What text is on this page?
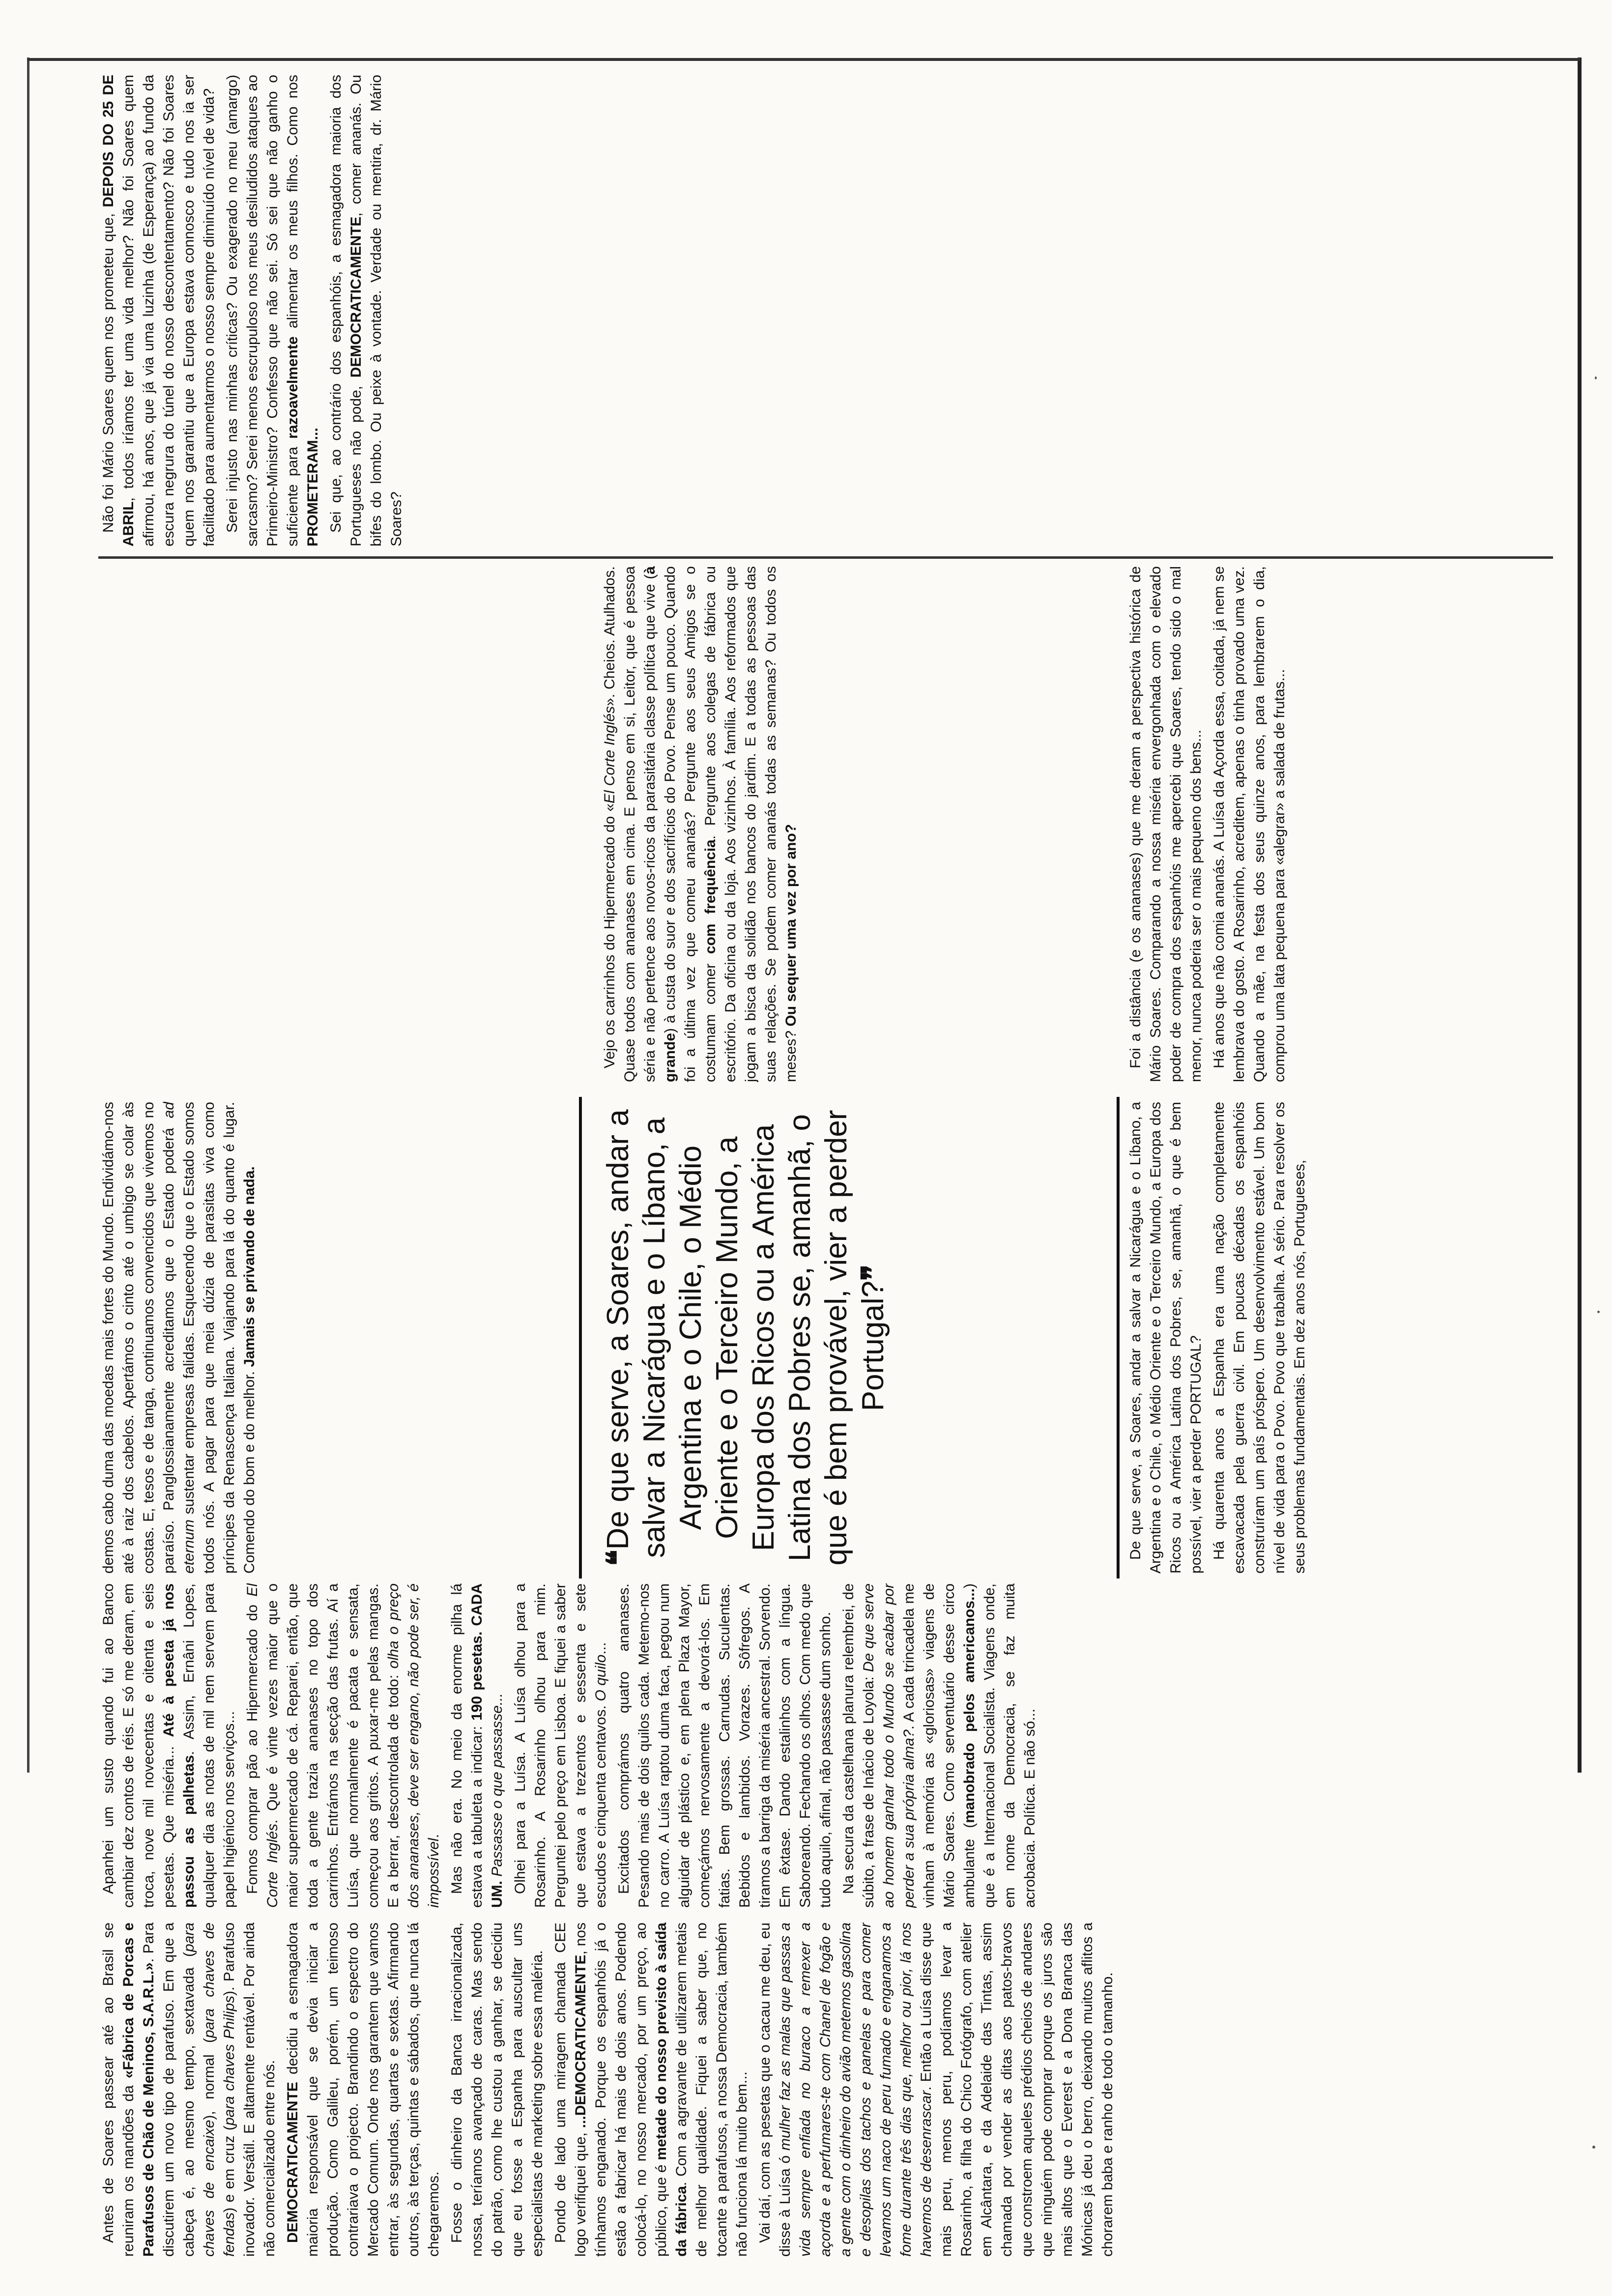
Antes de Soares passear até ao Brasil se reuniram os mandões da «Fábrica de Porcas e Parafusos de Chão de Meninos, S.A.R.L.». Para discutirem um novo tipo de parafuso. Em que a cabeça é, ao mesmo tempo, sextavada (para chaves de encaixe), normal (para chaves de fendas) e em cruz (para chaves Philips). Parafuso inovador. Versátil. E altamente rentável. Por ainda não comercializado entre nós. DEMOCRATICAMENTE decidiu a esmagadora maioria responsável que se devia iniciar a produção. Como Galileu, porém, um teimoso contrariava o projecto. Brandindo o espectro do Mercado Comum. Onde nos garantem que vamos entrar, às segundas, quartas e sextas. Afirmando outros, às terças, quintas e sábados, que nunca lá chegaremos. Fosse o dinheiro da Banca irracionalizada, nossa, teríamos avançado de caras. Mas sendo do patrão, como lhe custou a ganhar, se decidiu que eu fosse a Espanha para auscultar uns especialistas de marketing sobre essa maléria. Pondo de lado uma miragem chamada CEE logo verifiquei que, ...DEMOCRATICAMENTE, nos tínhamos enganado. Porque os espanhóis já o estão a fabricar há mais de dois anos. Podendo colocá-lo, no nosso mercado, por um preço, ao público, que é metade do nosso previsto à saída da fábrica. Com a agravante de utilizarem metais de melhor qualidade. Fiquei a saber que, no tocante a parafusos, a nossa Democracia, também não funciona lá muito bem... Vai daí, com as pesetas que o cacau me deu, eu disse à Luísa ó mulher faz as malas que passas a vida sempre enfiada no buraco a remexer a açorda e a perfumares-te com Chanel de fogão e a gente com o dinheiro do avião metemos gasolina e desopilas dos tachos e panelas e para comer levamos um naco de peru fumado e enganamos a fome durante três dias que, melhor ou pior, lá nos havemos de desenrascar. Então a Luísa disse que mais peru, menos peru, podíamos levar a Rosarinho, a filha do Chico Fotógrafo, com atelier em Alcântara, e da Adelaide das Tintas, assim chamada por vender as ditas aos patos-bravos que constroem aqueles prédios cheios de andares que ninguém pode comprar porque os juros são mais altos que o Everest e a Dona Branca das Mónicas já deu o berro, deixando muitos aflitos a chorarem baba e ranho de todo o tamanho.

Apanhei um susto quando fui ao Banco cambiar dez contos de réis. E só me deram, em troca, nove mil novecentas e oitenta e seis pesetas. Que miséria... Até à peseta já nos passou as palhetas. Assim, Ernâni Lopes, qualquer dia as notas de mil nem servem para papel higiénico nos serviços... Fomos comprar pão ao Hipermercado do El Corte Inglés. Que é vinte vezes maior que o maior supermercado de cá. Reparei, então, que toda a gente trazia ananases no topo dos carrinhos. Entrámos na secção das frutas. Aí a Luísa, que normalmente é pacata e sensata, começou aos gritos. A puxar-me pelas mangas. E a berrar, descontrolada de todo: olha o preço dos ananases, deve ser engano, não pode ser, é impossível. Mas não era. No meio da enorme pilha lá estava a tabuleta a indicar: 190 pesetas. CADA UM. Passasse o que passasse... Olhei para a Luísa. A Luísa olhou para a Rosarinho. A Rosarinho olhou para mim. Perguntei pelo preço em Lisboa. E fiquei a saber que estava a trezentos e sessenta e sete escudos e cinquenta centavos. O quilo... Excitados comprámos quatro ananases. Pesando mais de dois quilos cada. Metemo-nos no carro. A Luísa raptou duma faca, pegou num alguidar de plástico e, em plena Plaza Mayor, começámos nervosamente a devorá-los. Em fatias. Bem grossas. Carnudas. Suculentas. Bebidos e lambidos. Vorazes. Sôfregos. A tiramos a barriga da miséria ancestral. Sorvendo. Em êxtase. Dando estalinhos com a língua. Saboreando. Fechando os olhos. Com medo que tudo aquilo, afinal, não passasse dum sonho. Na secura da castelhana planura relembrei, de súbito, a frase de Inácio de Loyola: De que serve ao homem ganhar todo o Mundo se acabar por perder a sua própria alma?. A cada trincadela me vinham à memória as «gloriosas» viagens de Mário Soares. Como serventuário desse circo ambulante (manobrado pelos americanos...) que é a Internacional Socialista. Viagens onde, em nome da Democracia, se faz muita acrobacia. Política. E não só...

De que serve, a Soares, andar a salvar a Nicarágua e o Líbano, a Argentina e o Chile, o Médio Oriente e o Terceiro Mundo, a Europa dos Ricos ou a América Latina dos Pobres, se, amanhã, o que é bem possível, vier a perder PORTUGAL? Há quarenta anos a Espanha era uma nação completamente escavacada pela guerra civil. Em poucas décadas os espanhóis construíram um país próspero. Um desenvolvimento estável. Um bom nível de vida para o Povo. Povo que trabalha. A sério. Para resolver os seus problemas fundamentais. Em dez anos nós, Portugueses,

❝De que serve, a Soares, andar a salvar a Nicarágua e o Líbano, a Argentina e o Chile, o Médio Oriente e o Terceiro Mundo, a Europa dos Ricos ou a América Latina dos Pobres se, amanhã, o que é bem provável, vier a perder Portugal?❞

demos cabo duma das moedas mais fortes do Mundo. Endividámo-nos até à raiz dos cabelos. Apertámos o cinto até o umbigo se colar às costas. E, tesos e de tanga, continuamos convencidos que vivemos no paraíso. Panglossianamente acreditamos que o Estado poderá ad eternum sustentar empresas falidas. Esquecendo que o Estado somos todos nós. A pagar para que meia dúzia de parasitas viva como príncipes da Renascença Italiana. Viajando para lá do quanto é lugar. Comendo do bom e do melhor. Jamais se privando de nada.

Foi a distância (e os ananases) que me deram a perspectiva histórica de Mário Soares. Comparando a nossa miséria envergonhada com o elevado poder de compra dos espanhóis me apercebi que Soares, tendo sido o mal menor, nunca poderia ser o mais pequeno dos bens... Há anos que não comia ananás. A Luísa da Açorda essa, coitada, já nem se lembrava do gosto. A Rosarinho, acreditem, apenas o tinha provado uma vez. Quando a mãe, na festa dos seus quinze anos, para lembrarem o dia, comprou uma lata pequena para «alegrar» a salada de frutas...

Vejo os carrinhos do Hipermercado do «El Corte Inglés». Cheios. Atulhados. Quase todos com ananases em cima. E penso em si, Leitor, que é pessoa séria e não pertence aos novos-ricos da parasitária classe política que vive (à grande) à custa do suor e dos sacrifícios do Povo. Pense um pouco. Quando foi a última vez que comeu ananás? Pergunte aos seus Amigos se o costumam comer com frequência. Pergunte aos colegas de fábrica ou escritório. Da oficina ou da loja. Aos vizinhos. À família. Aos reformados que jogam a bisca da solidão nos bancos do jardim. E a todas as pessoas das suas relações. Se podem comer ananás todas as semanas? Ou todos os meses? Ou sequer uma vez por ano?

Não foi Mário Soares quem nos prometeu que, DEPOIS DO 25 DE ABRIL, todos iríamos ter uma vida melhor? Não foi Soares quem afirmou, há anos, que já via uma luzinha (de Esperança) ao fundo da escura negrura do túnel do nosso descontentamento? Não foi Soares quem nos garantiu que a Europa estava connosco e tudo nos ia ser facilitado para aumentarmos o nosso sempre diminuído nível de vida? Serei injusto nas minhas críticas? Ou exagerado no meu (amargo) sarcasmo? Serei menos escrupuloso nos meus desiludidos ataques ao Primeiro-Ministro? Confesso que não sei. Só sei que não ganho o suficiente para razoavelmente alimentar os meus filhos. Como nos PROMETERAM... Sei que, ao contrário dos espanhóis, a esmagadora maioria dos Portugueses não pode, DEMOCRATICAMENTE, comer ananás. Ou bifes do lombo. Ou peixe à vontade. Verdade ou mentira, dr. Mário Soares?
